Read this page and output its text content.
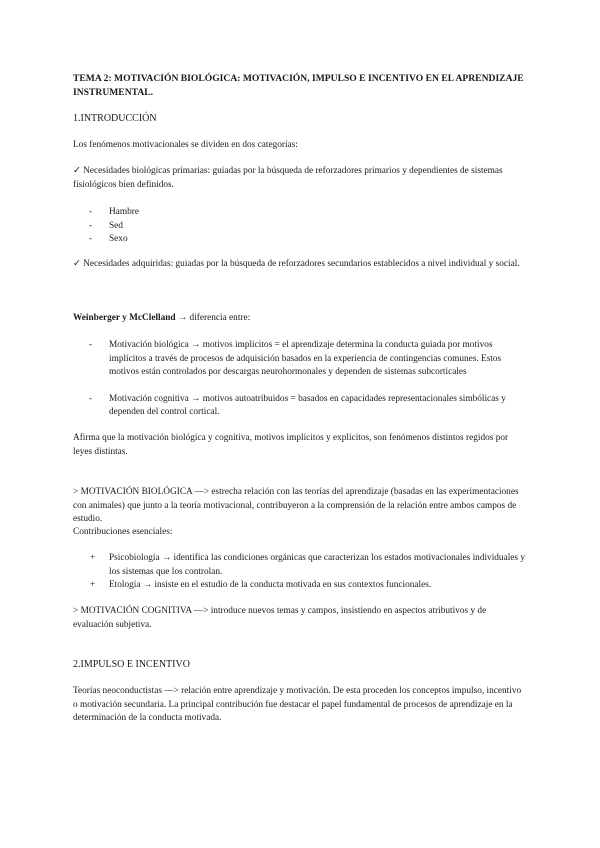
TEMA 2: MOTIVACIÓN BIOLÓGICA: MOTIVACIÓN, IMPULSO E INCENTIVO EN EL APRENDIZAJE INSTRUMENTAL.

1.INTRODUCCIÓN

Los fenómenos motivacionales se dividen en dos categorías:

✓ Necesidades biológicas primarias: guiadas por la búsqueda de reforzadores primarios y dependientes de sistemas fisiológicos bien definidos.

- Hambre
- Sed
- Sexo

✓ Necesidades adquiridas: guiadas por la búsqueda de reforzadores secundarios establecidos a nivel individual y social.

Weinberger y McClelland → diferencia entre:

- Motivación biológica → motivos implícitos = el aprendizaje determina la conducta guiada por motivos implícitos a través de procesos de adquisición basados en la experiencia de contingencias comunes. Estos motivos están controlados por descargas neurohormonales y dependen de sistemas subcorticales
- Motivación cognitiva → motivos autoatribuidos = basados en capacidades representacionales simbólicas y dependen del control cortical.

Afirma que la motivación biológica y cognitiva, motivos implícitos y explícitos, son fenómenos distintos regidos por leyes distintas.

> MOTIVACIÓN BIOLÓGICA —> estrecha relación con las teorías del aprendizaje (basadas en las experimentaciones con animales) que junto a la teoría motivacional, contribuyeron a la comprensión de la relación entre ambos campos de estudio.

Contribuciones esenciales:

+ Psicobiología → identifica las condiciones orgánicas que caracterizan los estados motivacionales individuales y los sistemas que los controlan.
+ Etología → insiste en el estudio de la conducta motivada en sus contextos funcionales.

> MOTIVACIÓN COGNITIVA —> introduce nuevos temas y campos, insistiendo en aspectos atributivos y de evaluación subjetiva.

2.IMPULSO E INCENTIVO

Teorías neoconductistas —> relación entre aprendizaje y motivación. De esta proceden los conceptos impulso, incentivo o motivación secundaria. La principal contribución fue destacar el papel fundamental de procesos de aprendizaje en la determinación de la conducta motivada.
